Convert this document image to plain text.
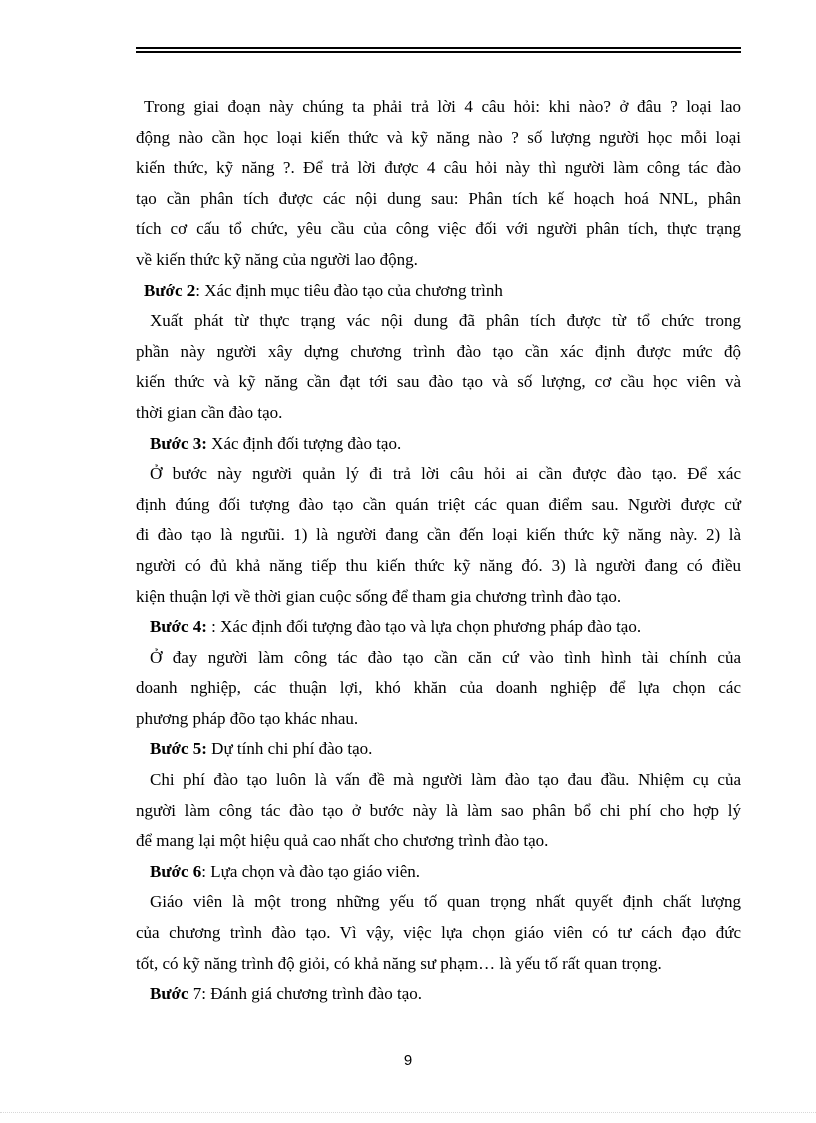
Trong giai đoạn này chúng ta phải trả lời 4 câu hỏi: khi nào? ở đâu ? loại lao
động nào cần học loại kiến thức và kỹ năng nào ? số lượng người học mỗi loại
kiến thức, kỹ năng ?. Để trả lời được 4 câu hỏi này thì người làm công tác đào
tạo cần phân tích được các nội dung sau: Phân tích kế hoạch hoá NNL, phân
tích cơ cấu tổ chức, yêu cầu của công việc đối với người phân tích, thực trạng
về kiến thức kỹ năng của người lao động.
Bước 2: Xác định mục tiêu đào tạo của chương trình
Xuất phát từ thực trạng vác nội dung đã phân tích được từ tổ chức trong
phần này người xây dựng chương trình đào tạo cần xác định được mức độ
kiến thức và kỹ năng cần đạt tới sau đào tạo và số lượng, cơ cầu học viên và
thời gian cần đào tạo.
Bước 3: Xác định đối tượng đào tạo.
Ở bước này người quản lý đi trả lời câu hỏi ai cần được đào tạo. Để xác
định đúng đối tượng đào tạo cần quán triệt các quan điểm sau. Người được cử
đi đào tạo là ngưũi. 1) là người đang cần đến loại kiến thức kỹ năng này. 2) là
người có đủ khả năng tiếp thu kiến thức kỹ năng đó. 3) là người đang có điều
kiện thuận lợi về thời gian cuộc sống để tham gia chương trình đào tạo.
Bước 4: : Xác định đối tượng đào tạo và lựa chọn phương pháp đào tạo.
Ở đay người làm công tác đào tạo cần căn cứ vào tình hình tài chính của
doanh nghiệp, các thuận lợi, khó khăn của doanh nghiệp để lựa chọn các
phương pháp đõo tạo khác nhau.
Bước 5: Dự tính chi phí đào tạo.
Chi phí đào tạo luôn là vấn đề mà người làm đào tạo đau đầu. Nhiệm cụ của
người làm công tác đào tạo ở bước này là làm sao phân bổ chi phí cho hợp lý
để mang lại một hiệu quả cao nhất cho chương trình đào tạo.
Bước 6: Lựa chọn và đào tạo giáo viên.
Giáo viên là một trong những yếu tố quan trọng nhất quyết định chất lượng
của chương trình đào tạo. Vì vậy, việc lựa chọn giáo viên có tư cách đạo đức
tốt, có kỹ năng trình độ giỏi, có khả năng sư phạm… là yếu tố rất quan trọng.
Bước 7: Đánh giá chương trình đào tạo.
9
